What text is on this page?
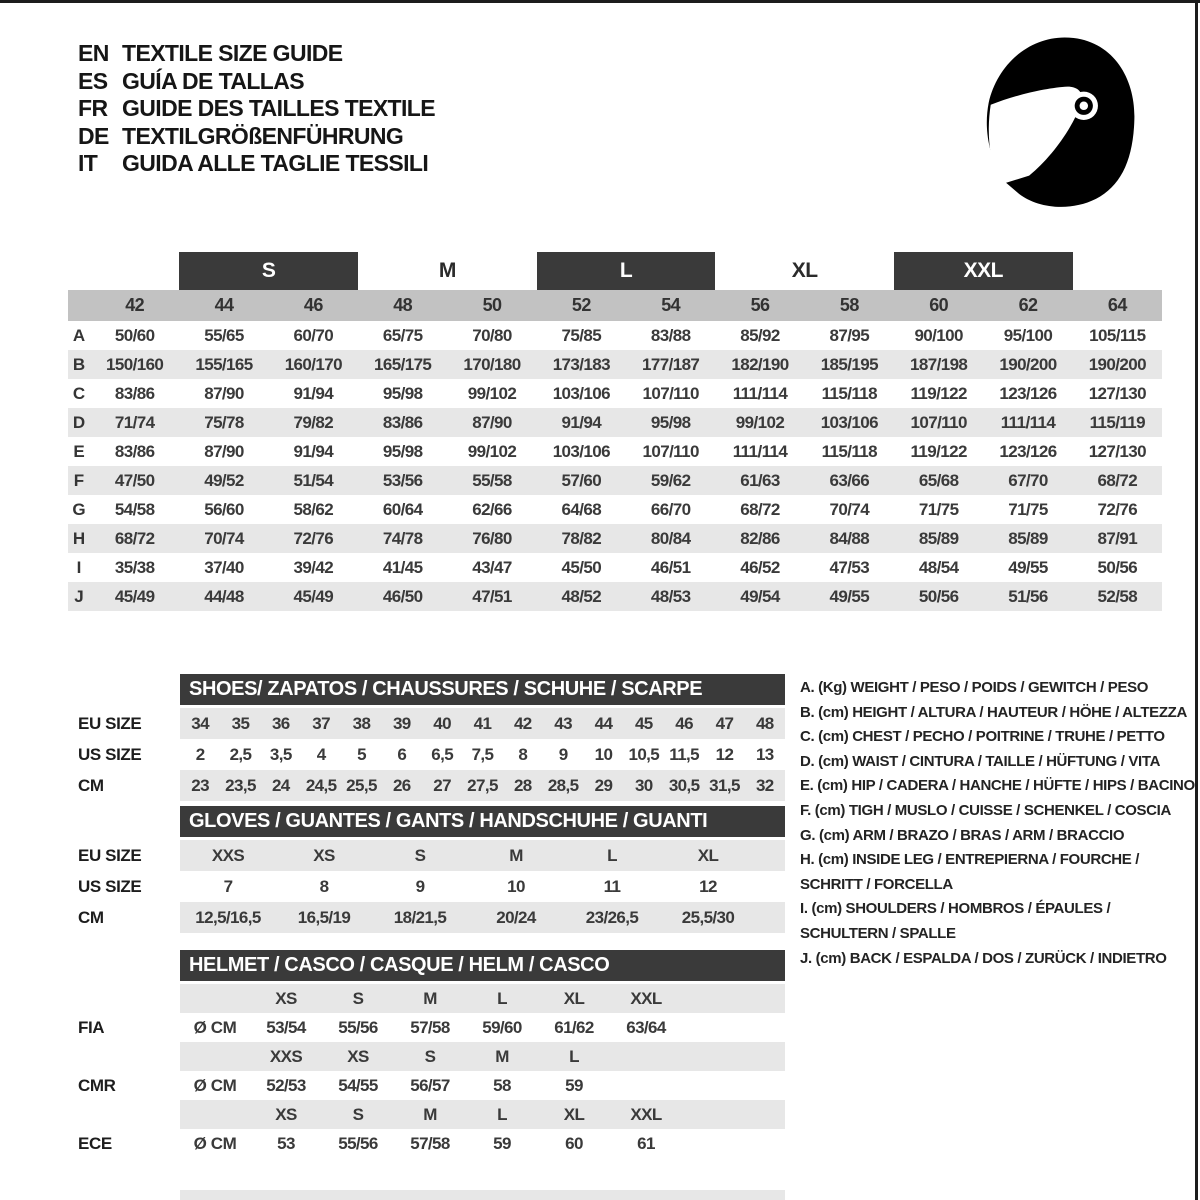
EN TEXTILE SIZE GUIDE
ES GUÍA DE TALLAS
FR GUIDE DES TAILLES TEXTILE
DE TEXTILGRÖßENFÜHRUNG
IT	GUIDA ALLE TAGLIE TESSILI
S	M	L	XL	XXL
42	44	46	48	50	52	54	56	58	60	62	64
A	50/60	55/65	60/70	65/75	70/80	75/85	83/88	85/92	87/95	90/100	95/100	105/115
B	150/160	155/165	160/170	165/175	170/180	173/183	177/187	182/190	185/195	187/198	190/200	190/200
C	83/86	87/90	91/94	95/98	99/102	103/106	107/110	111/114	115/118	119/122	123/126	127/130
D	71/74	75/78	79/82	83/86	87/90	91/94	95/98	99/102	103/106	107/110	111/114	115/119
E	83/86	87/90	91/94	95/98	99/102	103/106	107/110	111/114	115/118	119/122	123/126	127/130
F	47/50	49/52	51/54	53/56	55/58	57/60	59/62	61/63	63/66	65/68	67/70	68/72
G	54/58	56/60	58/62	60/64	62/66	64/68	66/70	68/72	70/74	71/75	71/75	72/76
H	68/72	70/74	72/76	74/78	76/80	78/82	80/84	82/86	84/88	85/89	85/89	87/91
I	35/38	37/40	39/42	41/45	43/47	45/50	46/51	46/52	47/53	48/54	49/55	50/56
J	45/49	44/48	45/49	46/50	47/51	48/52	48/53	49/54	49/55	50/56	51/56	52/58
SHOES/ ZAPATOS / CHAUSSURES / SCHUHE / SCARPE
EU SIZE	34	35	36	37	38	39	40	41	42	43	44	45	46	47	48
US SIZE	2	2,5	3,5	4	5	6	6,5	7,5	8	9	10 10,5 11,5 12	13
CM	23 23,5 24 24,5 25,5 26	27 27,5 28 28,5 29	30 30,5 31,5 32
GLOVES / GUANTES / GANTS / HANDSCHUHE / GUANTI
EU SIZE	XXS	XS	S	M	L	XL
US SIZE	7	8	9	10	11	12
CM	12,5/16,5	16,5/19	18/21,5	20/24	23/26,5	25,5/30
HELMET / CASCO / CASQUE / HELM / CASCO
XS	S	M	L	XL	XXL
FIA	Ø CM	53/54	55/56	57/58	59/60	61/62	63/64
XXS	XS	S	M	L
CMR	Ø CM	52/53	54/55	56/57	58	59
XS	S	M	L	XL	XXL
ECE	Ø CM	53	55/56	57/58	59	60	61
A. (Kg) WEIGHT / PESO / POIDS / GEWITCH / PESO
B. (cm) HEIGHT / ALTURA / HAUTEUR / HÖHE / ALTEZZA
C. (cm) CHEST / PECHO / POITRINE / TRUHE / PETTO
D. (cm) WAIST / CINTURA / TAILLE / HÜFTUNG / VITA
E. (cm) HIP / CADERA / HANCHE / HÜFTE / HIPS / BACINO
F. (cm) TIGH / MUSLO / CUISSE / SCHENKEL / COSCIA
G. (cm) ARM / BRAZO / BRAS / ARM / BRACCIO
H. (cm) INSIDE LEG / ENTREPIERNA / FOURCHE /
SCHRITT / FORCELLA
I. (cm) SHOULDERS / HOMBROS / ÉPAULES /
SCHULTERN / SPALLE
J. (cm) BACK / ESPALDA / DOS / ZURÜCK / INDIETRO
